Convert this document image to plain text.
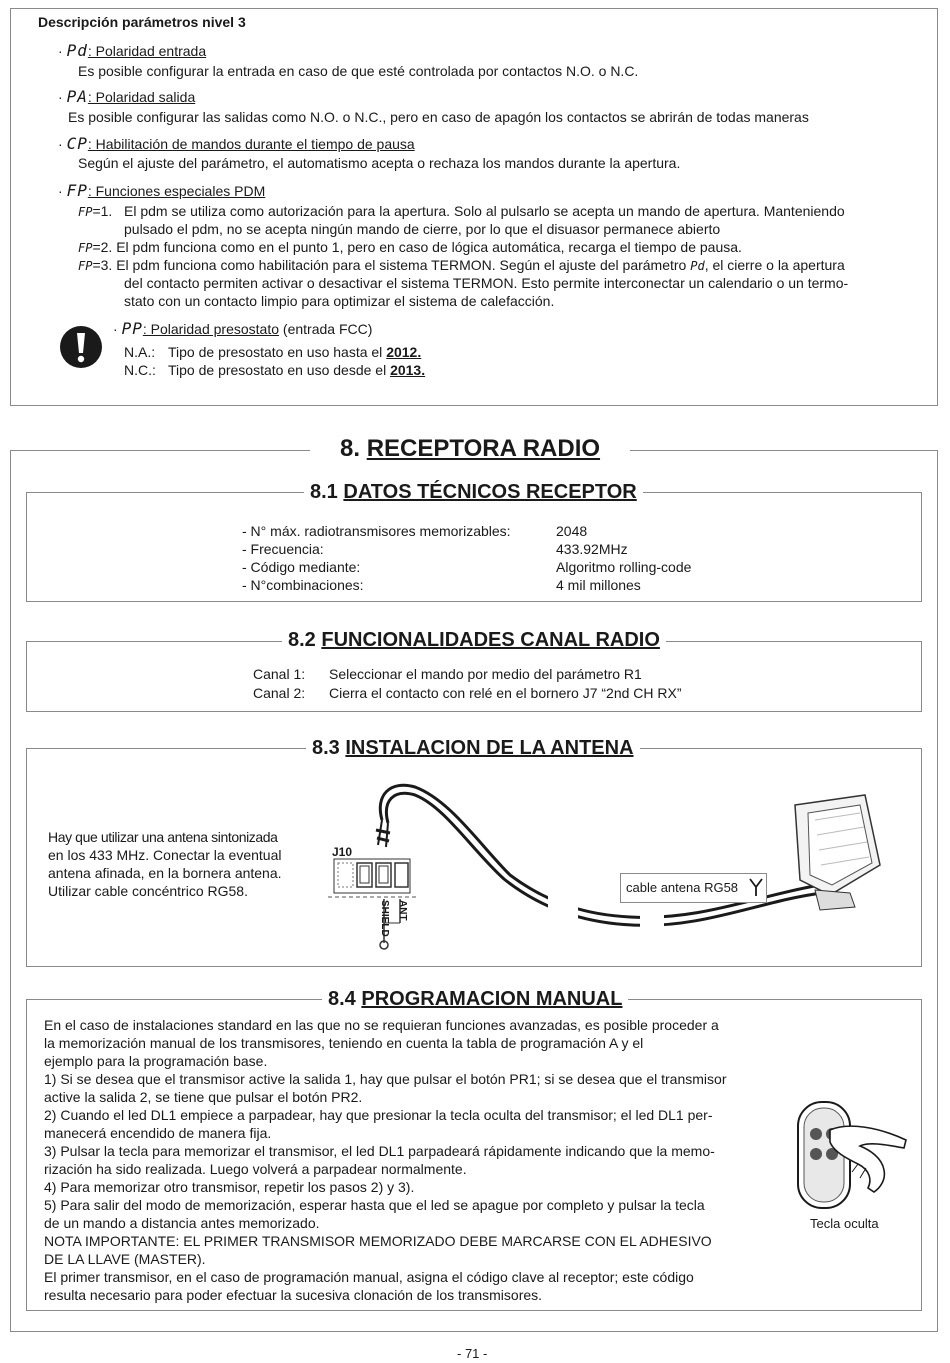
Descripción parámetros nivel 3
· Pd: Polaridad entrada
Es posible configurar la entrada en caso de que esté controlada por contactos N.O. o N.C.
· PA: Polaridad salida
Es posible configurar las salidas como N.O. o N.C., pero en caso de apagón los contactos se abrirán de todas maneras
· CP: Habilitación de mandos durante el tiempo de pausa
Según el ajuste del parámetro, el automatismo acepta o rechaza los mandos durante la apertura.
· FP: Funciones especiales PDM
FP=1. El pdm se utiliza como autorización para la apertura. Solo al pulsarlo se acepta un mando de apertura. Manteniendo
pulsado el pdm, no se acepta ningún mando de cierre, por lo que el disuasor permanece abierto
FP=2. El pdm funciona como en el punto 1, pero en caso de lógica automática, recarga el tiempo de pausa.
FP=3. El pdm funciona como habilitación para el sistema TERMON. Según el ajuste del parámetro Pd, el cierre o la apertura
del contacto permiten activar o desactivar el sistema TERMON. Esto permite interconectar un calendario o un termo-
stato con un contacto limpio para optimizar el sistema de calefacción.
· PP: Polaridad presostato (entrada FCC)
N.A.: Tipo de presostato en uso hasta el 2012.
N.C.: Tipo de presostato en uso desde el 2013.
8. RECEPTORA RADIO
8.1 DATOS TÉCNICOS RECEPTOR
- N° máx. radiotransmisores memorizables:	2048
- Frecuencia:	433.92MHz
- Código mediante:	Algoritmo rolling-code
- N°combinaciones:	4 mil millones
8.2 FUNCIONALIDADES CANAL RADIO
Canal 1: Seleccionar el mando por medio del parámetro R1
Canal 2: Cierra el contacto con relé en el bornero J7 “2nd CH RX”
8.3 INSTALACION DE LA ANTENA
Hay que utilizar una antena sintonizada
en los 433 MHz. Conectar la eventual
antena afinada, en la bornera antena.
Utilizar cable concéntrico RG58.
J10
SHIELD ANT
cable antena RG58
8.4 PROGRAMACION MANUAL
En el caso de instalaciones standard en las que no se requieran funciones avanzadas, es posible proceder a
la memorización manual de los transmisores, teniendo en cuenta la tabla de programación A y el
ejemplo para la programación base.
1) Si se desea que el transmisor active la salida 1, hay que pulsar el botón PR1; si se desea que el transmisor
active la salida 2, se tiene que pulsar el botón PR2.
2) Cuando el led DL1 empiece a parpadear, hay que presionar la tecla oculta del transmisor; el led DL1 per-
manecerá encendido de manera fija.
3) Pulsar la tecla para memorizar el transmisor, el led DL1 parpadeará rápidamente indicando que la memo-
rización ha sido realizada. Luego volverá a parpadear normalmente.
4) Para memorizar otro transmisor, repetir los pasos 2) y 3).
5) Para salir del modo de memorización, esperar hasta que el led se apague por completo y pulsar la tecla
de un mando a distancia antes memorizado.
NOTA IMPORTANTE: EL PRIMER TRANSMISOR MEMORIZADO DEBE MARCARSE CON EL ADHESIVO
DE LA LLAVE (MASTER).
El primer transmisor, en el caso de programación manual, asigna el código clave al receptor; este código
resulta necesario para poder efectuar la sucesiva clonación de los transmisores.
Tecla oculta
- 71 -
